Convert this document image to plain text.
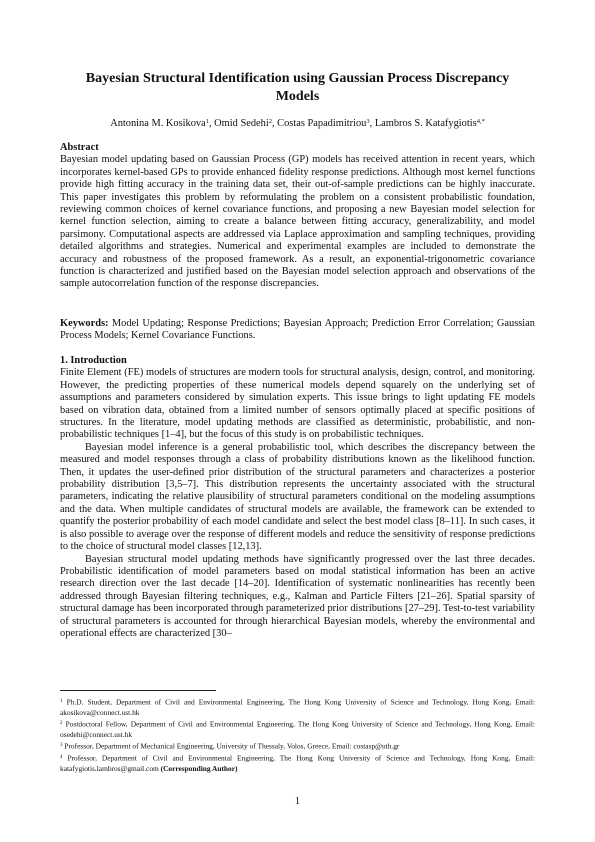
Bayesian Structural Identification using Gaussian Process Discrepancy Models
Antonina M. Kosikova$^1$, Omid Sedehi$^2$, Costas Papadimitriou$^3$, Lambros S. Katafygiotis$^{4,*}$

Abstract

Bayesian model updating based on Gaussian Process (GP) models has received attention in recent years, which incorporates kernel-based GPs to provide enhanced fidelity response predictions. Although most kernel functions provide high fitting accuracy in the training data set, their out-of-sample predictions can be highly inaccurate. This paper investigates this problem by reformulating the problem on a consistent probabilistic foundation, reviewing common choices of kernel covariance functions, and proposing a new Bayesian model selection for kernel function selection, aiming to create a balance between fitting accuracy, generalizability, and model parsimony. Computational aspects are addressed via Laplace approximation and sampling techniques, providing detailed algorithms and strategies. Numerical and experimental examples are included to demonstrate the accuracy and robustness of the proposed framework. As a result, an exponential-trigonometric covariance function is characterized and justified based on the Bayesian model selection approach and observations of the sample autocorrelation function of the response discrepancies.

Keywords: Model Updating; Response Predictions; Bayesian Approach; Prediction Error Correlation; Gaussian Process Models; Kernel Covariance Functions.

1. Introduction

Finite Element (FE) models of structures are modern tools for structural analysis, design, control, and monitoring. However, the predicting properties of these numerical models depend squarely on the underlying set of assumptions and parameters considered by simulation experts. This issue brings to light updating FE models based on vibration data, obtained from a limited number of sensors optimally placed at specific positions of structures. In the literature, model updating methods are classified as deterministic, probabilistic, and non-probabilistic techniques [1–4], but the focus of this study is on probabilistic techniques.

Bayesian model inference is a general probabilistic tool, which describes the discrepancy between the measured and model responses through a class of probability distributions known as the likelihood function. Then, it updates the user-defined prior distribution of the structural parameters and characterizes a posterior probability distribution [3,5–7]. This distribution represents the uncertainty associated with the structural parameters, indicating the relative plausibility of structural parameters conditional on the modeling assumptions and the data. When multiple candidates of structural models are available, the framework can be extended to quantify the posterior probability of each model candidate and select the best model class [8–11]. In such cases, it is also possible to average over the response of different models and reduce the sensitivity of response predictions to the choice of structural model classes [12,13].

Bayesian structural model updating methods have significantly progressed over the last three decades. Probabilistic identification of model parameters based on modal statistical information has been an active research direction over the last decade [14–20]. Identification of systematic nonlinearities has recently been addressed through Bayesian filtering techniques, e.g., Kalman and Particle Filters [21–26]. Spatial sparsity of structural damage has been incorporated through parameterized prior distributions [27–29]. Test-to-test variability of structural parameters is accounted for through hierarchical Bayesian models, whereby the environmental and operational effects are characterized [30–

$^1$ Ph.D. Student, Department of Civil and Environmental Engineering, The Hong Kong University of Science and Technology, Hong Kong, Email: akosikova@connect.ust.hk

$^2$ Postdoctoral Fellow, Department of Civil and Environmental Engineering, The Hong Kong University of Science and Technology, Hong Kong, Email: osedehi@connect.ust.hk

$^3$ Professor, Department of Mechanical Engineering, University of Thessaly, Volos, Greece, Email: costasp@uth.gr

$^4$ Professor, Department of Civil and Environmental Engineering, The Hong Kong University of Science and Technology, Hong Kong, Email: katafygiotis.lambros@gmail.com (Corresponding Author)

1
